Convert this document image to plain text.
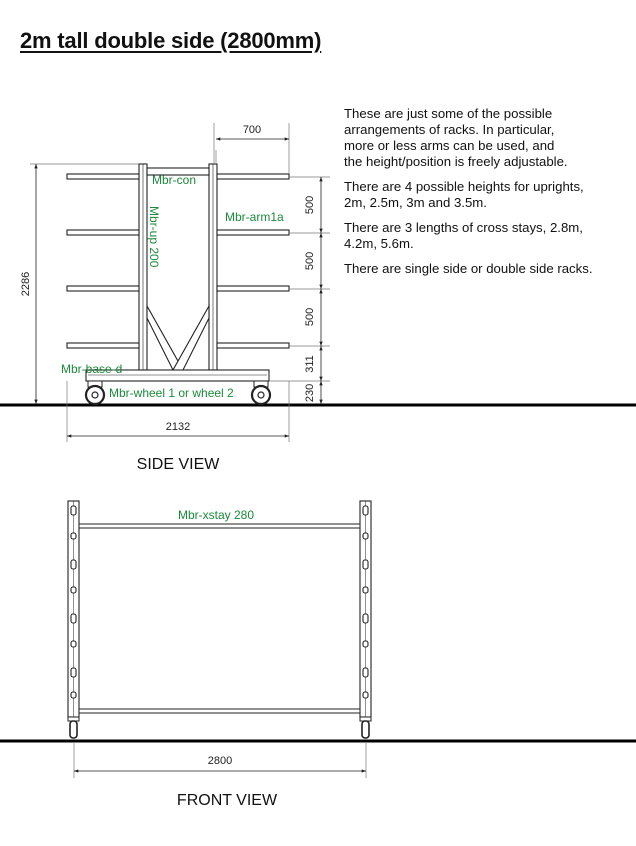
2m tall double side (2800mm)

These are just some of the possible
arrangements of racks. In particular,
more or less arms can be used, and
the height/position is freely adjustable.

There are 4 possible heights for uprights,
2m, 2.5m, 3m and 3.5m.

There are 3 lengths of cross stays, 2.8m,
4.2m, 5.6m.

There are single side or double side racks.

700
2286
500
500
500
311
230
2132
Mbr-con
Mbr-up 200	Mbr-arm1a
Mbr-base-d
Mbr-wheel 1 or wheel 2
SIDE VIEW
Mbr-xstay 280
2800
FRONT VIEW
